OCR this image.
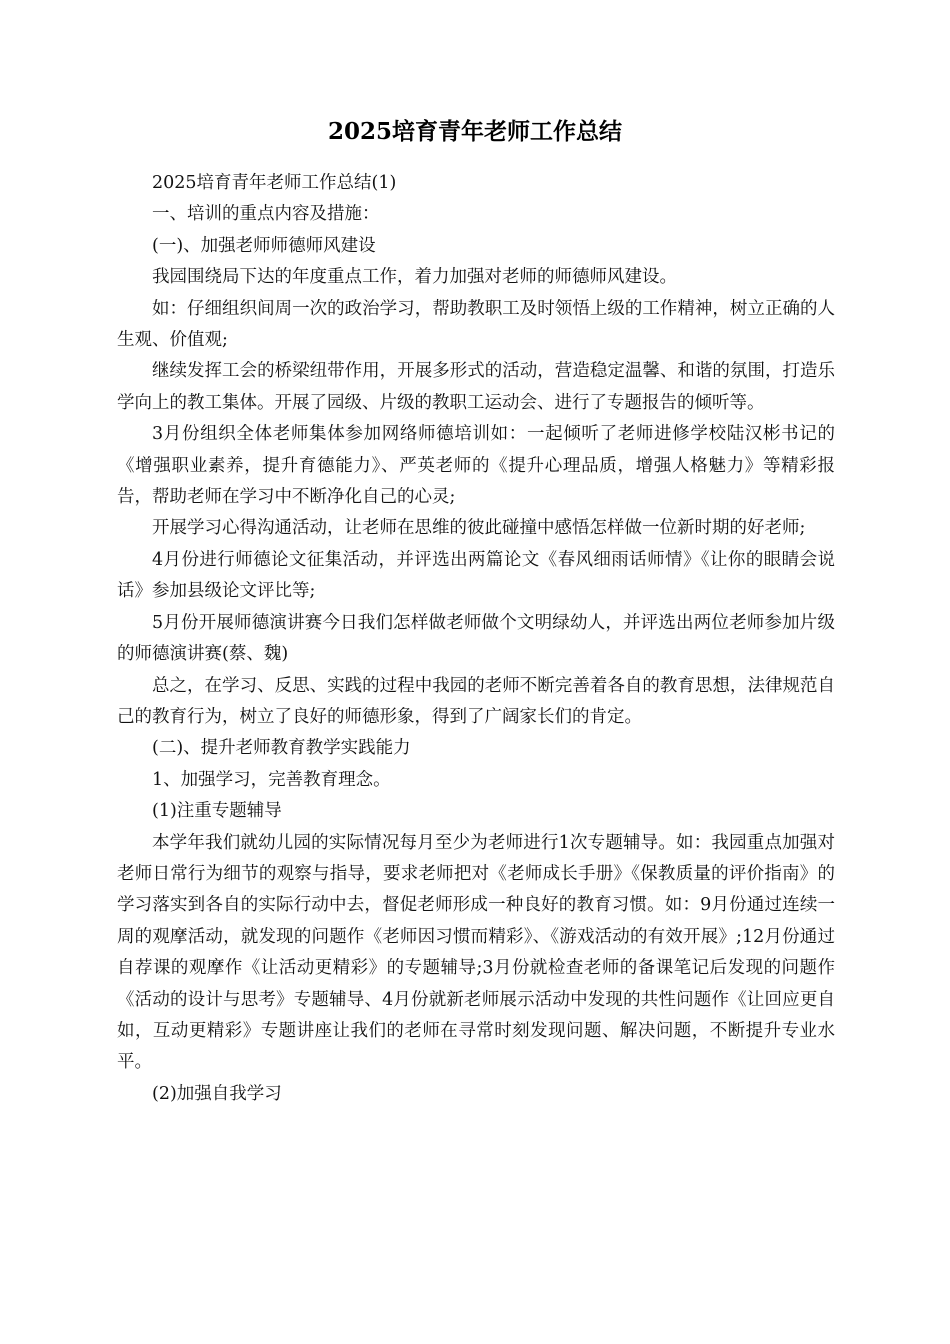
2025培育青年老师工作总结

2025培育青年老师工作总结(1)

一、培训的重点内容及措施：

(一)、加强老师师德师风建设

我园围绕局下达的年度重点工作，着力加强对老师的师德师风建设。

如：仔细组织间周一次的政治学习，帮助教职工及时领悟上级的工作精神，树立正确的人生观、价值观;

继续发挥工会的桥梁纽带作用，开展多形式的活动，营造稳定温馨、和谐的氛围，打造乐学向上的教工集体。开展了园级、片级的教职工运动会、进行了专题报告的倾听等。

3月份组织全体老师集体参加网络师德培训如：一起倾听了老师进修学校陆汉彬书记的《增强职业素养，提升育德能力》、严英老师的《提升心理品质，增强人格魅力》等精彩报告，帮助老师在学习中不断净化自己的心灵;

开展学习心得沟通活动，让老师在思维的彼此碰撞中感悟怎样做一位新时期的好老师;

4月份进行师德论文征集活动，并评选出两篇论文《春风细雨话师情》《让你的眼睛会说话》参加县级论文评比等;

5月份开展师德演讲赛今日我们怎样做老师做个文明绿幼人，并评选出两位老师参加片级的师德演讲赛(蔡、魏)

总之，在学习、反思、实践的过程中我园的老师不断完善着各自的教育思想，法律规范自己的教育行为，树立了良好的师德形象，得到了广阔家长们的肯定。

(二)、提升老师教育教学实践能力

1、加强学习，完善教育理念。

(1)注重专题辅导

本学年我们就幼儿园的实际情况每月至少为老师进行1次专题辅导。如：我园重点加强对老师日常行为细节的观察与指导，要求老师把对《老师成长手册》《保教质量的评价指南》的学习落实到各自的实际行动中去，督促老师形成一种良好的教育习惯。如：9月份通过连续一周的观摩活动，就发现的问题作《老师因习惯而精彩》、《游戏活动的有效开展》;12月份通过自荐课的观摩作《让活动更精彩》的专题辅导;3月份就检查老师的备课笔记后发现的问题作《活动的设计与思考》专题辅导、4月份就新老师展示活动中发现的共性问题作《让回应更自如，互动更精彩》专题讲座让我们的老师在寻常时刻发现问题、解决问题，不断提升专业水平。

(2)加强自我学习
